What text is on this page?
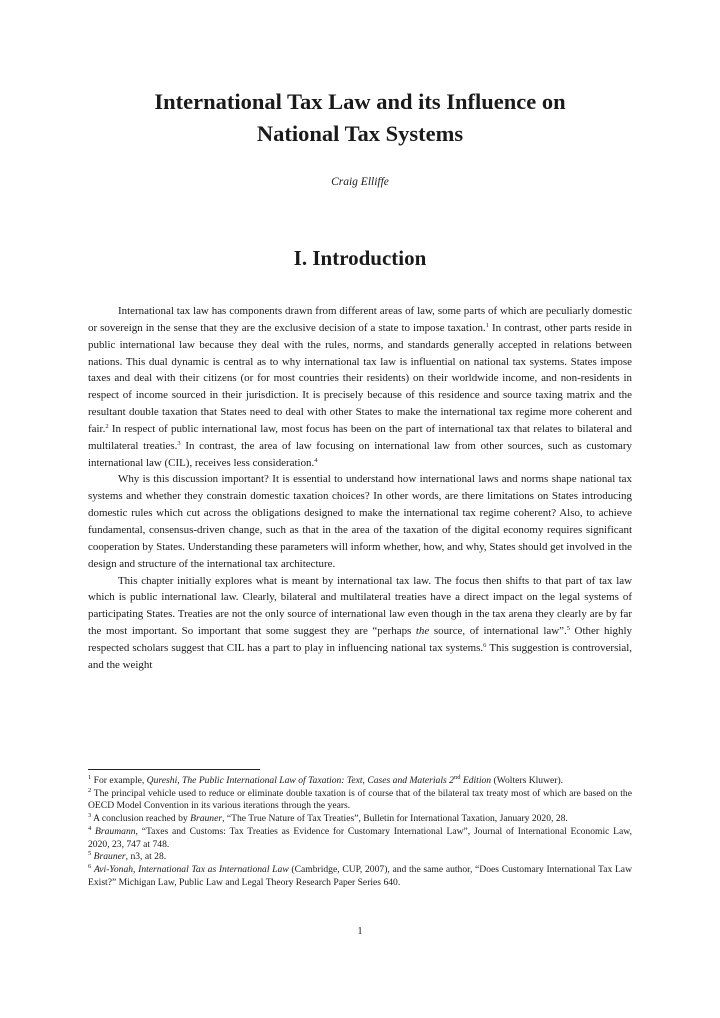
International Tax Law and its Influence on
National Tax Systems

Craig Elliffe

I. Introduction

International tax law has components drawn from different areas of law, some parts of which are peculiarly domestic or sovereign in the sense that they are the exclusive decision of a state to impose taxation.$^1$ In contrast, other parts reside in public international law because they deal with the rules, norms, and standards generally accepted in relations between nations. This dual dynamic is central as to why international tax law is influential on national tax systems. States impose taxes and deal with their citizens (or for most countries their residents) on their worldwide income, and non-residents in respect of income sourced in their jurisdiction. It is precisely because of this residence and source taxing matrix and the resultant double taxation that States need to deal with other States to make the international tax regime more coherent and fair.$^2$ In respect of public international law, most focus has been on the part of international tax that relates to bilateral and multilateral treaties.$^3$ In contrast, the area of law focusing on international law from other sources, such as customary international law (CIL), receives less consideration.$^4$

Why is this discussion important? It is essential to understand how international laws and norms shape national tax systems and whether they constrain domestic taxation choices? In other words, are there limitations on States introducing domestic rules which cut across the obligations designed to make the international tax regime coherent? Also, to achieve fundamental, consensus-driven change, such as that in the area of the taxation of the digital economy requires significant cooperation by States. Understanding these parameters will inform whether, how, and why, States should get involved in the design and structure of the international tax architecture.

This chapter initially explores what is meant by international tax law. The focus then shifts to that part of tax law which is public international law. Clearly, bilateral and multilateral treaties have a direct impact on the legal systems of participating States. Treaties are not the only source of international law even though in the tax arena they clearly are by far the most important. So important that some suggest they are “perhaps the source, of international law”.$^5$ Other highly respected scholars suggest that CIL has a part to play in influencing national tax systems.$^6$ This suggestion is controversial, and the weight

$^1$ For example, Qureshi, The Public International Law of Taxation: Text, Cases and Materials 2nd Edition (Wolters Kluwer).
$^2$ The principal vehicle used to reduce or eliminate double taxation is of course that of the bilateral tax treaty most of which are based on the OECD Model Convention in its various iterations through the years.
$^3$ A conclusion reached by Brauner, “The True Nature of Tax Treaties”, Bulletin for International Taxation, January 2020, 28.
$^4$ Braumann, “Taxes and Customs: Tax Treaties as Evidence for Customary International Law”, Journal of International Economic Law, 2020, 23, 747 at 748.
$^5$ Brauner, n3, at 28.
$^6$ Avi-Yonah, International Tax as International Law (Cambridge, CUP, 2007), and the same author, “Does Customary International Tax Law Exist?” Michigan Law, Public Law and Legal Theory Research Paper Series 640.
1
